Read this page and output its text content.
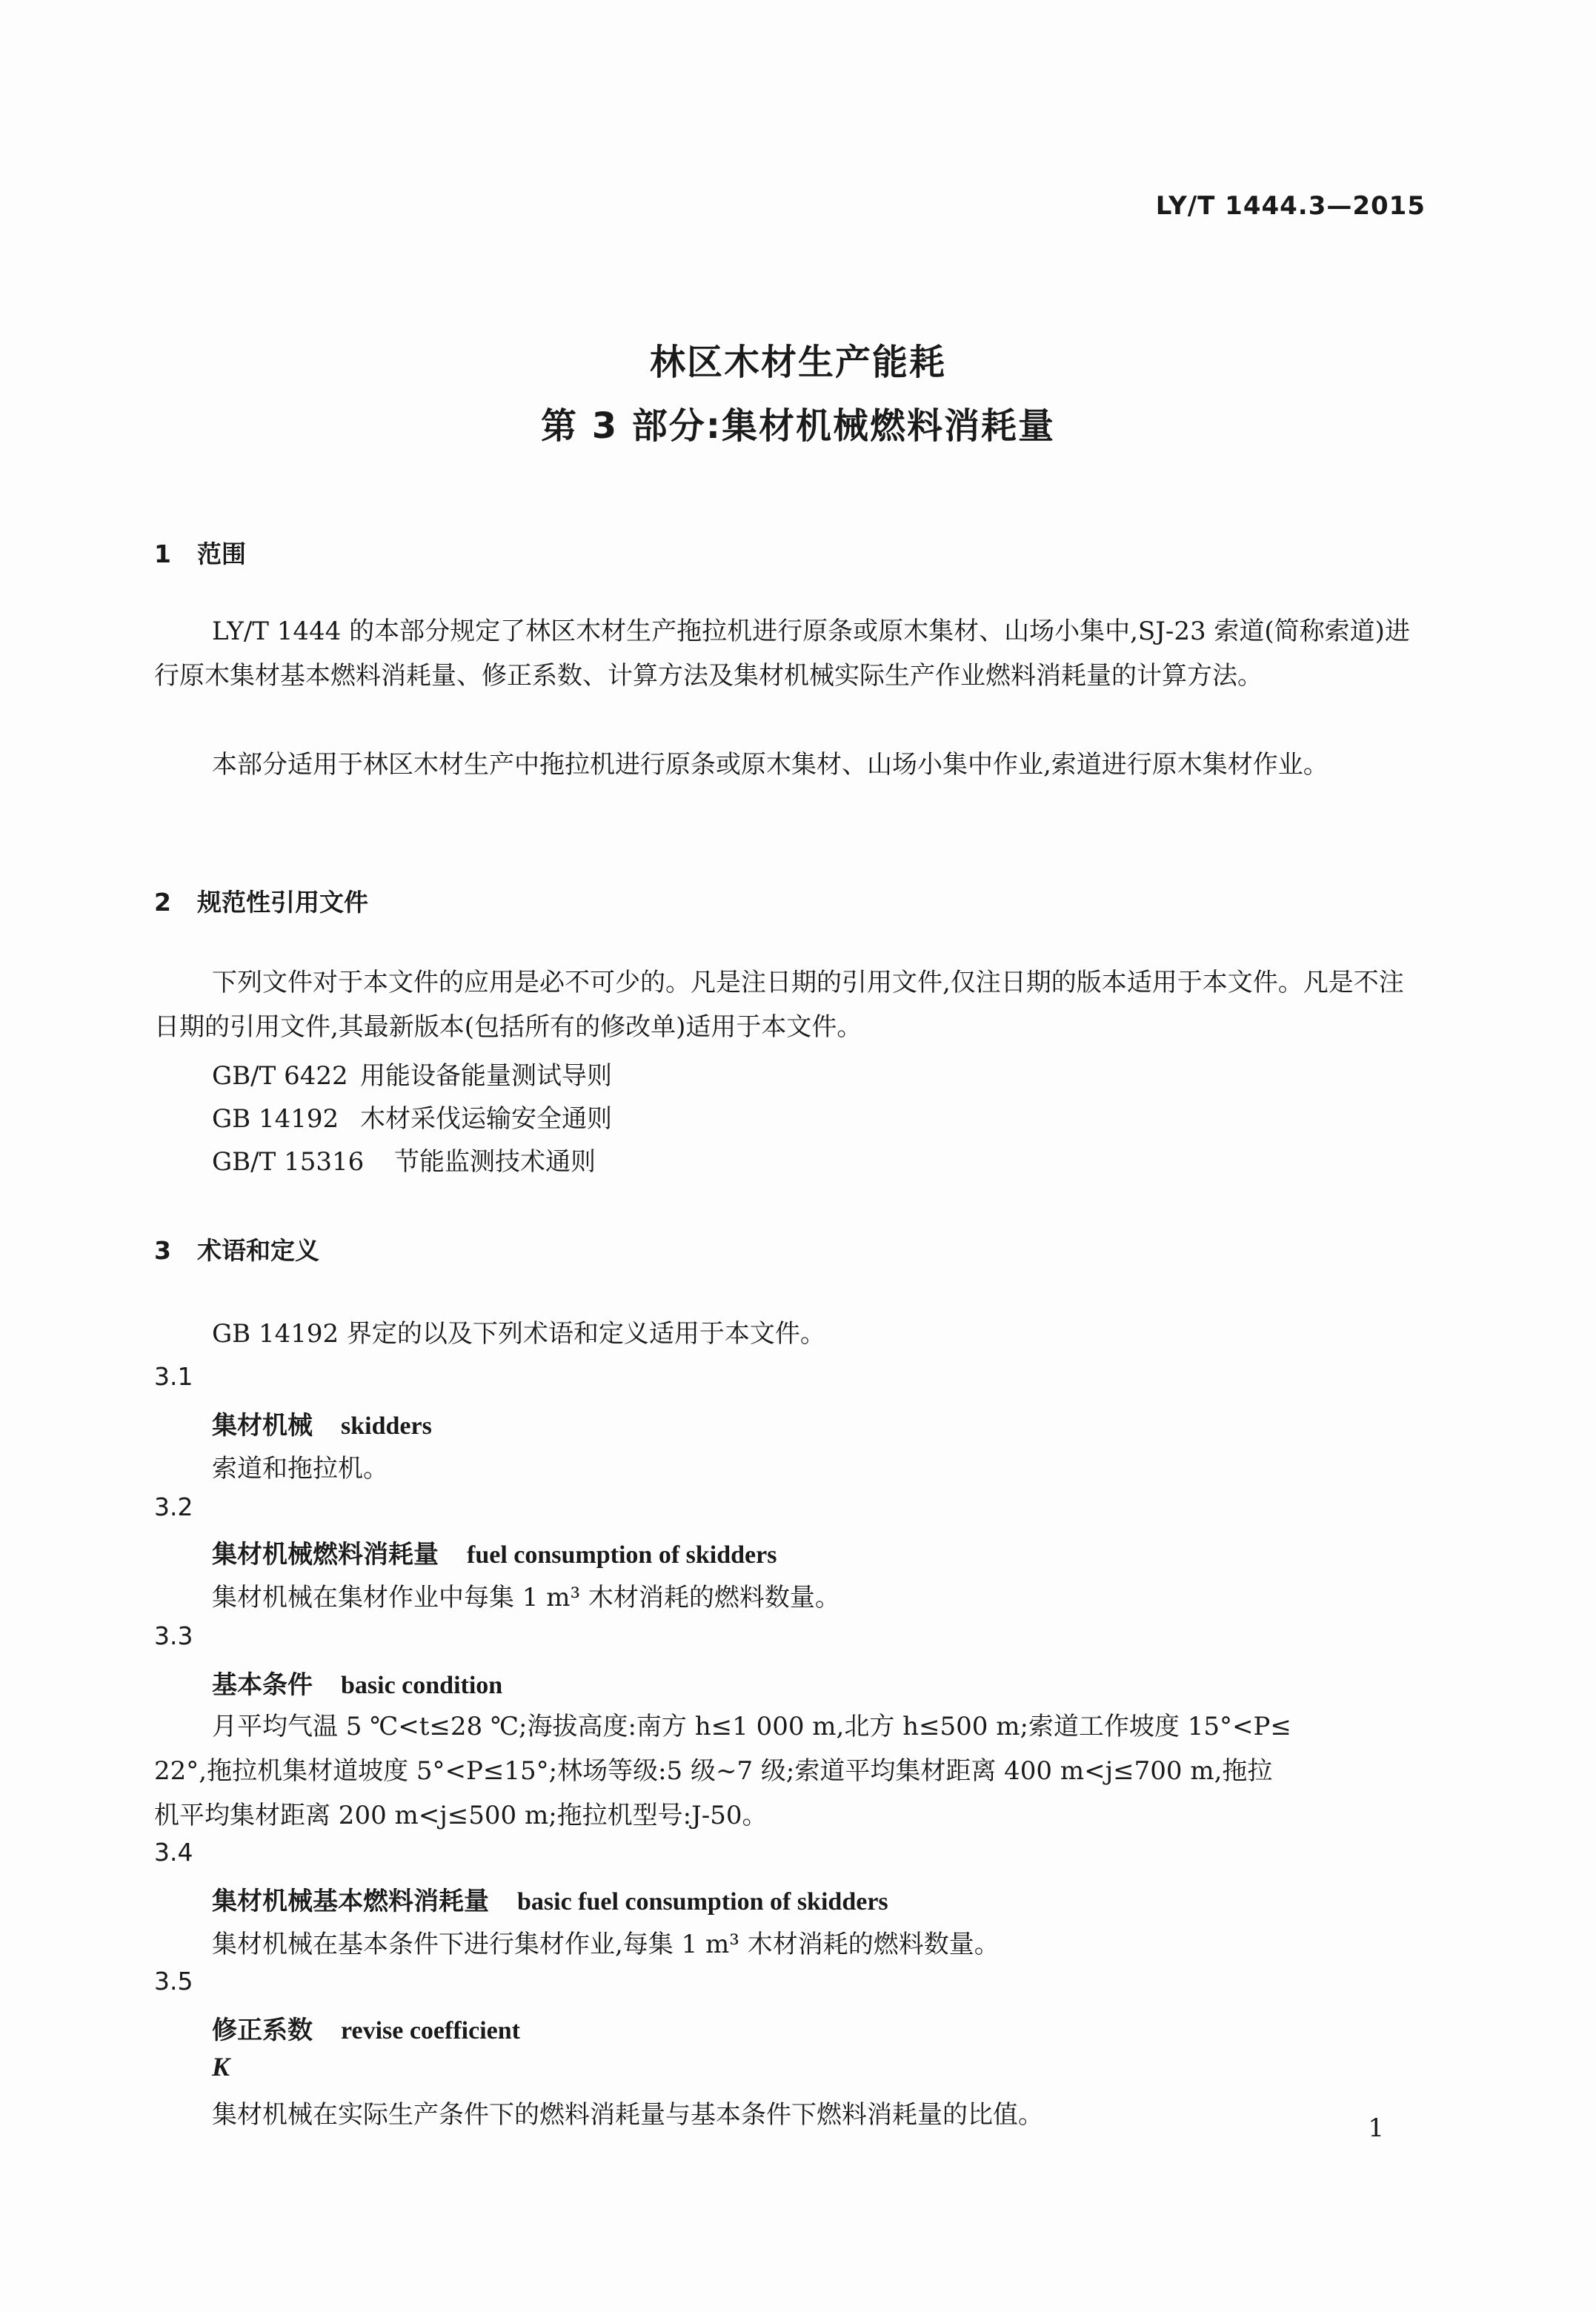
LY/T 1444.3—2015
林区木材生产能耗
第 3 部分:集材机械燃料消耗量
1 范围
LY/T 1444 的本部分规定了林区木材生产拖拉机进行原条或原木集材、山场小集中,SJ-23 索道(简称索道)进行原木集材基本燃料消耗量、修正系数、计算方法及集材机械实际生产作业燃料消耗量的计算方法。
本部分适用于林区木材生产中拖拉机进行原条或原木集材、山场小集中作业,索道进行原木集材作业。
2 规范性引用文件
下列文件对于本文件的应用是必不可少的。凡是注日期的引用文件,仅注日期的版本适用于本文件。凡是不注日期的引用文件,其最新版本(包括所有的修改单)适用于本文件。
GB/T 6422 用能设备能量测试导则
GB 14192 木材采伐运输安全通则
GB/T 15316 节能监测技术通则
3 术语和定义
GB 14192 界定的以及下列术语和定义适用于本文件。
3.1
集材机械 skidders
索道和拖拉机。
3.2
集材机械燃料消耗量 fuel consumption of skidders
集材机械在集材作业中每集 1 m³ 木材消耗的燃料数量。
3.3
基本条件 basic condition
月平均气温 5 ℃<t≤28 ℃;海拔高度:南方 h≤1 000 m,北方 h≤500 m;索道工作坡度 15°<P≤
22°,拖拉机集材道坡度 5°<P≤15°;林场等级:5 级~7 级;索道平均集材距离 400 m<j≤700 m,拖拉
机平均集材距离 200 m<j≤500 m;拖拉机型号:J-50。
3.4
集材机械基本燃料消耗量 basic fuel consumption of skidders
集材机械在基本条件下进行集材作业,每集 1 m³ 木材消耗的燃料数量。
3.5
修正系数 revise coefficient
K
集材机械在实际生产条件下的燃料消耗量与基本条件下燃料消耗量的比值。	1
